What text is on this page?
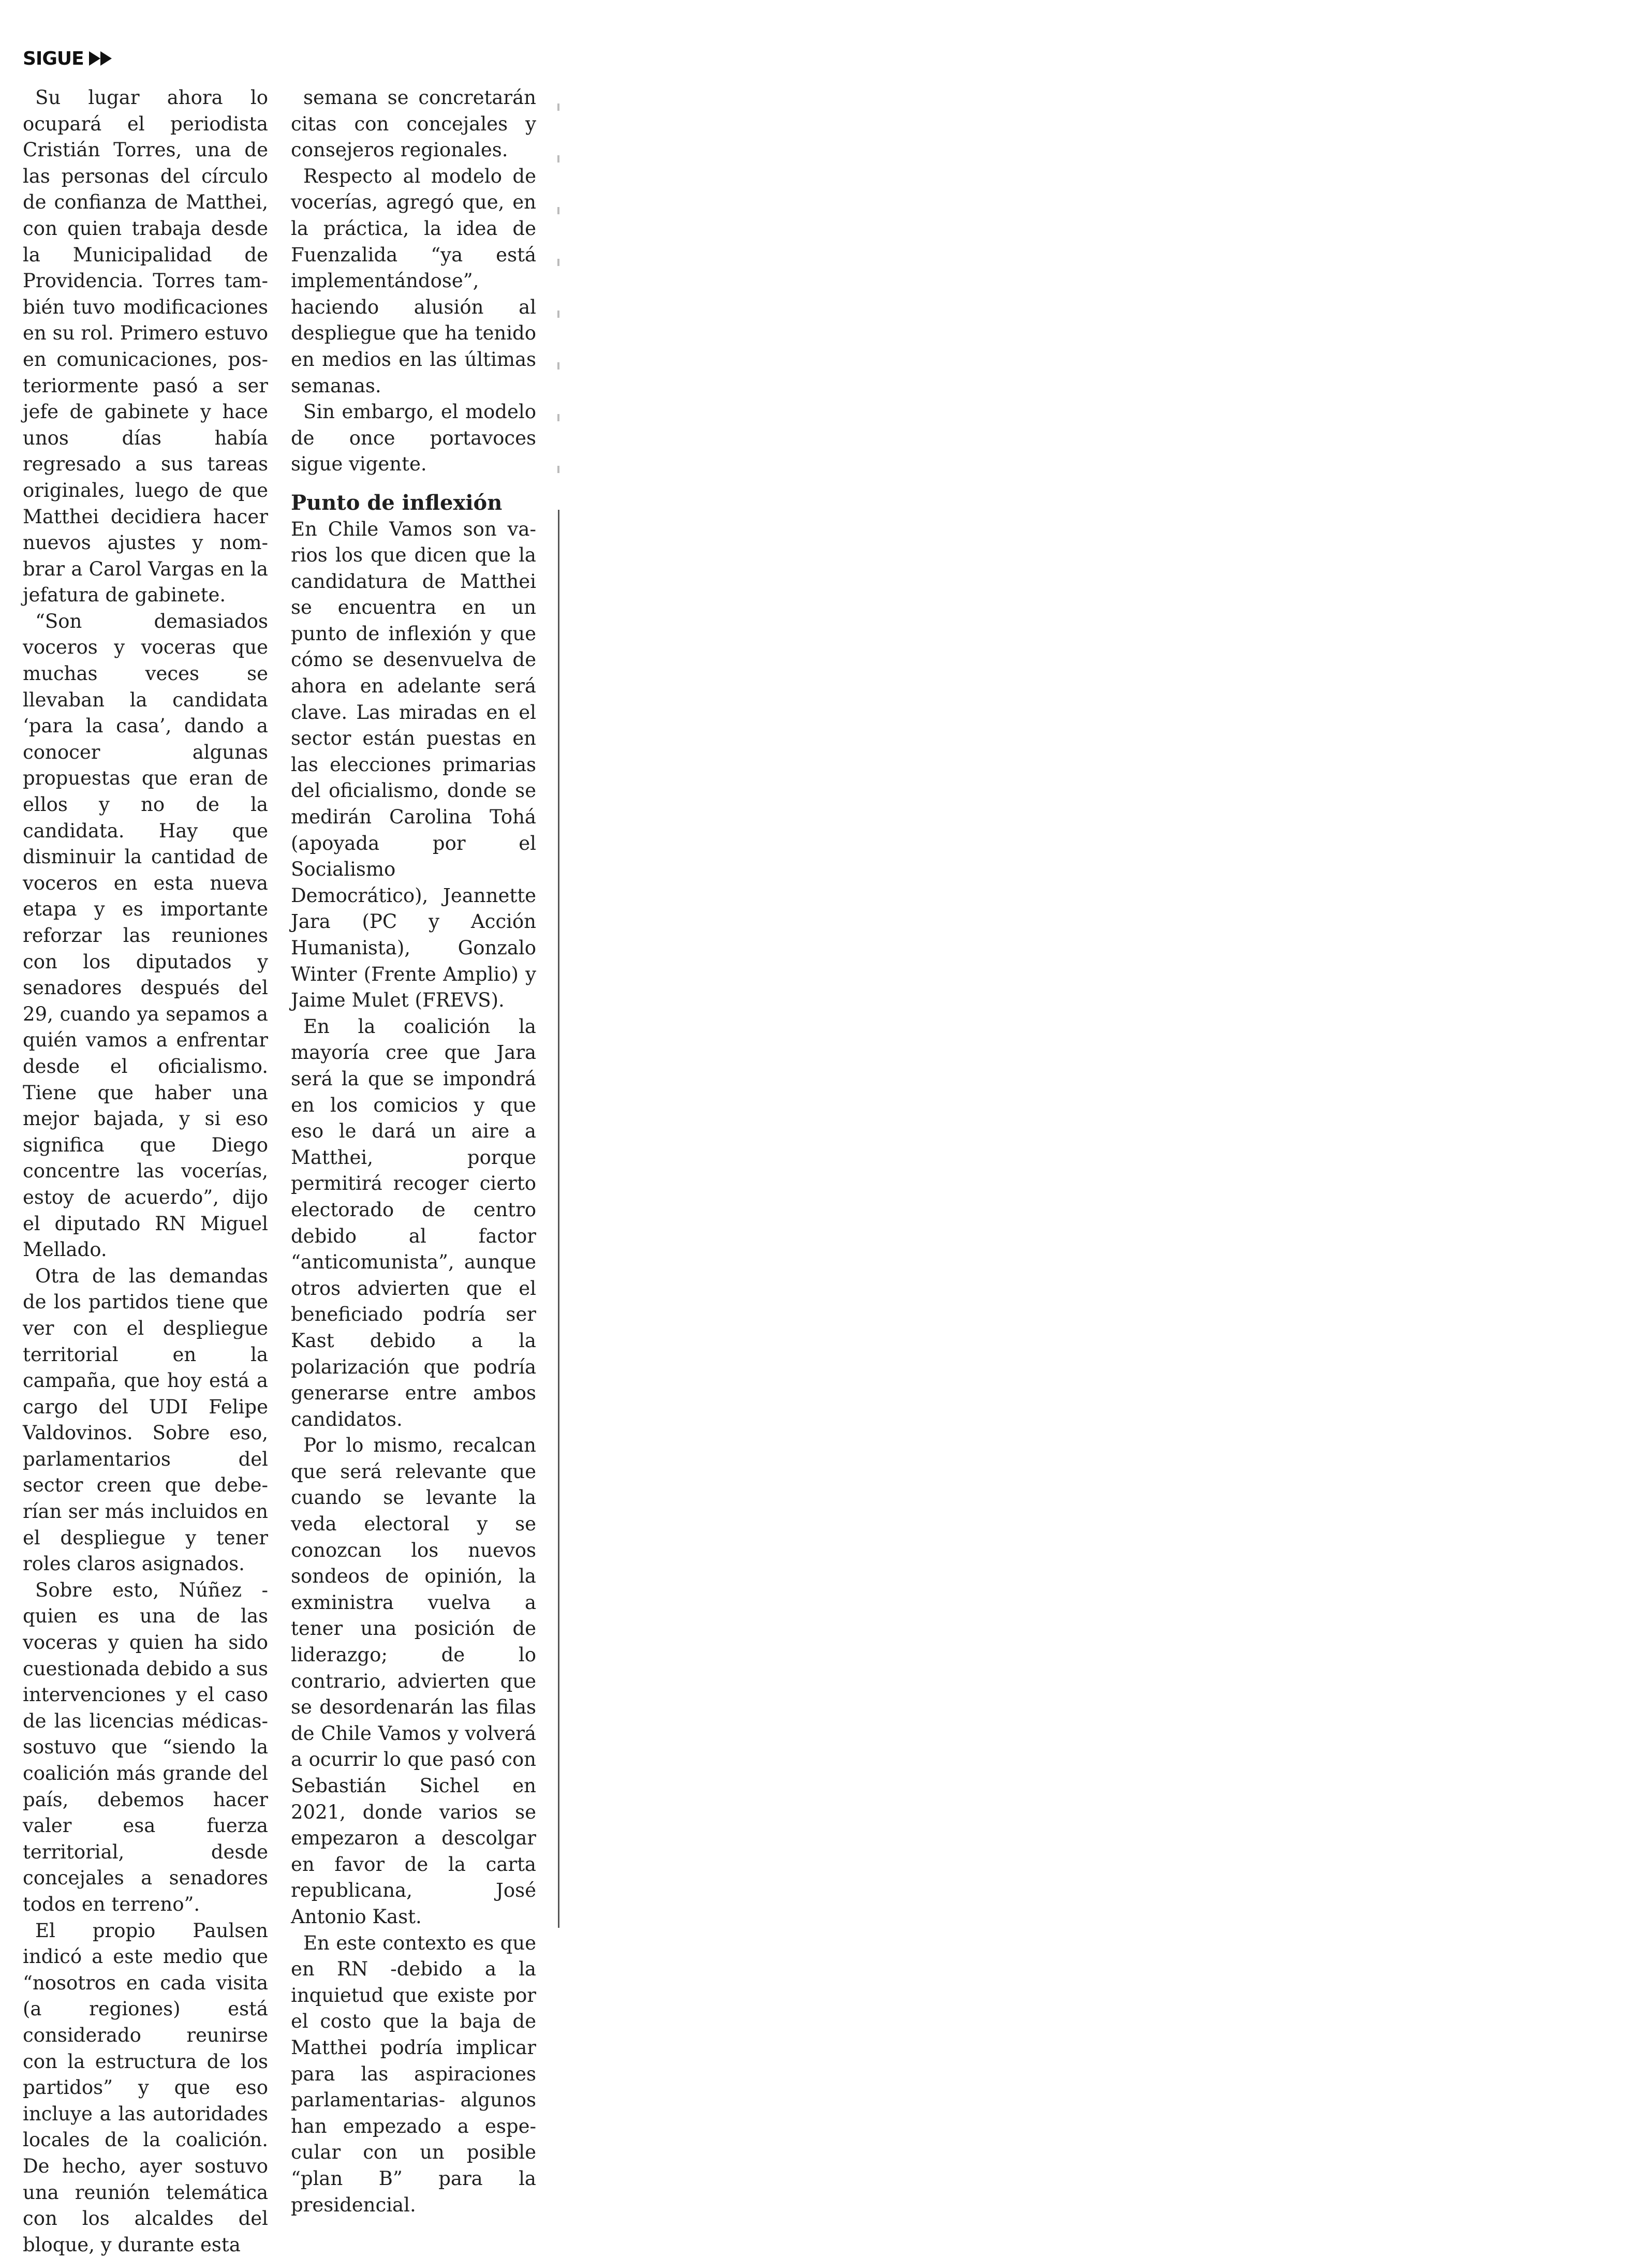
SIGUE

Su lugar ahora lo ocupará el periodista Cristián Torres, una de las personas del círculo de confianza de Matthei, con quien trabaja desde la Municipalidad de Providencia. Torres también tuvo modificaciones en su rol. Primero estuvo en comunicaciones, posteriormente pasó a ser jefe de gabinete y hace unos días había regresado a sus tareas originales, luego de que Matthei decidiera hacer nuevos ajustes y nombrar a Carol Vargas en la jefatura de gabinete.

“Son demasiados voceros y voceras que muchas veces se llevaban la candidata ‘para la casa’, dando a conocer algunas propuestas que eran de ellos y no de la candidata. Hay que disminuir la cantidad de voceros en esta nueva etapa y es importante reforzar las reuniones con los diputados y senadores después del 29, cuando ya sepamos a quién vamos a enfrentar desde el oficialismo. Tiene que haber una mejor bajada, y si eso significa que Diego concentre las vocerías, estoy de acuerdo”, dijo el diputado RN Miguel Mellado.

Otra de las demandas de los partidos tiene que ver con el despliegue territorial en la campaña, que hoy está a cargo del UDI Felipe Valdovinos. Sobre eso, parlamentarios del sector creen que deberían ser más incluidos en el despliegue y tener roles claros asignados.

Sobre esto, Núñez -quien es una de las voceras y quien ha sido cuestionada debido a sus intervenciones y el caso de las licencias médicas- sostuvo que “siendo la coalición más grande del país, debemos hacer valer esa fuerza territorial, desde concejales a senadores todos en terreno”.

El propio Paulsen indicó a este medio que “nosotros en cada visita (a regiones) está considerado reunirse con la estructura de los partidos” y que eso incluye a las autoridades locales de la coalición. De hecho, ayer sostuvo una reunión telemática con los alcaldes del bloque, y durante esta

semana se concretarán citas con concejales y consejeros regionales.

Respecto al modelo de vocerías, agregó que, en la práctica, la idea de Fuenzalida “ya está implementándose”, haciendo alusión al despliegue que ha tenido en medios en las últimas semanas.

Sin embargo, el modelo de once portavoces sigue vigente.

Punto de inflexión

En Chile Vamos son varios los que dicen que la candidatura de Matthei se encuentra en un punto de inflexión y que cómo se desenvuelva de ahora en adelante será clave. Las miradas en el sector están puestas en las elecciones primarias del oficialismo, donde se medirán Carolina Tohá (apoyada por el Socialismo Democrático), Jeannette Jara (PC y Acción Humanista), Gonzalo Winter (Frente Amplio) y Jaime Mulet (FREVS).

En la coalición la mayoría cree que Jara será la que se impondrá en los comicios y que eso le dará un aire a Matthei, porque permitirá recoger cierto electorado de centro debido al factor “anticomunista”, aunque otros advierten que el beneficiado podría ser Kast debido a la polarización que podría generarse entre ambos candidatos.

Por lo mismo, recalcan que será relevante que cuando se levante la veda electoral y se conozcan los nuevos sondeos de opinión, la exministra vuelva a tener una posición de liderazgo; de lo contrario, advierten que se desordenarán las filas de Chile Vamos y volverá a ocurrir lo que pasó con Sebastián Sichel en 2021, donde varios se empezaron a descolgar en favor de la carta republicana, José Antonio Kast.

En este contexto es que en RN -debido a la inquietud que existe por el costo que la baja de Matthei podría implicar para las aspiraciones parlamentarias- algunos han empezado a especular con un posible “plan B” para la presidencial.
